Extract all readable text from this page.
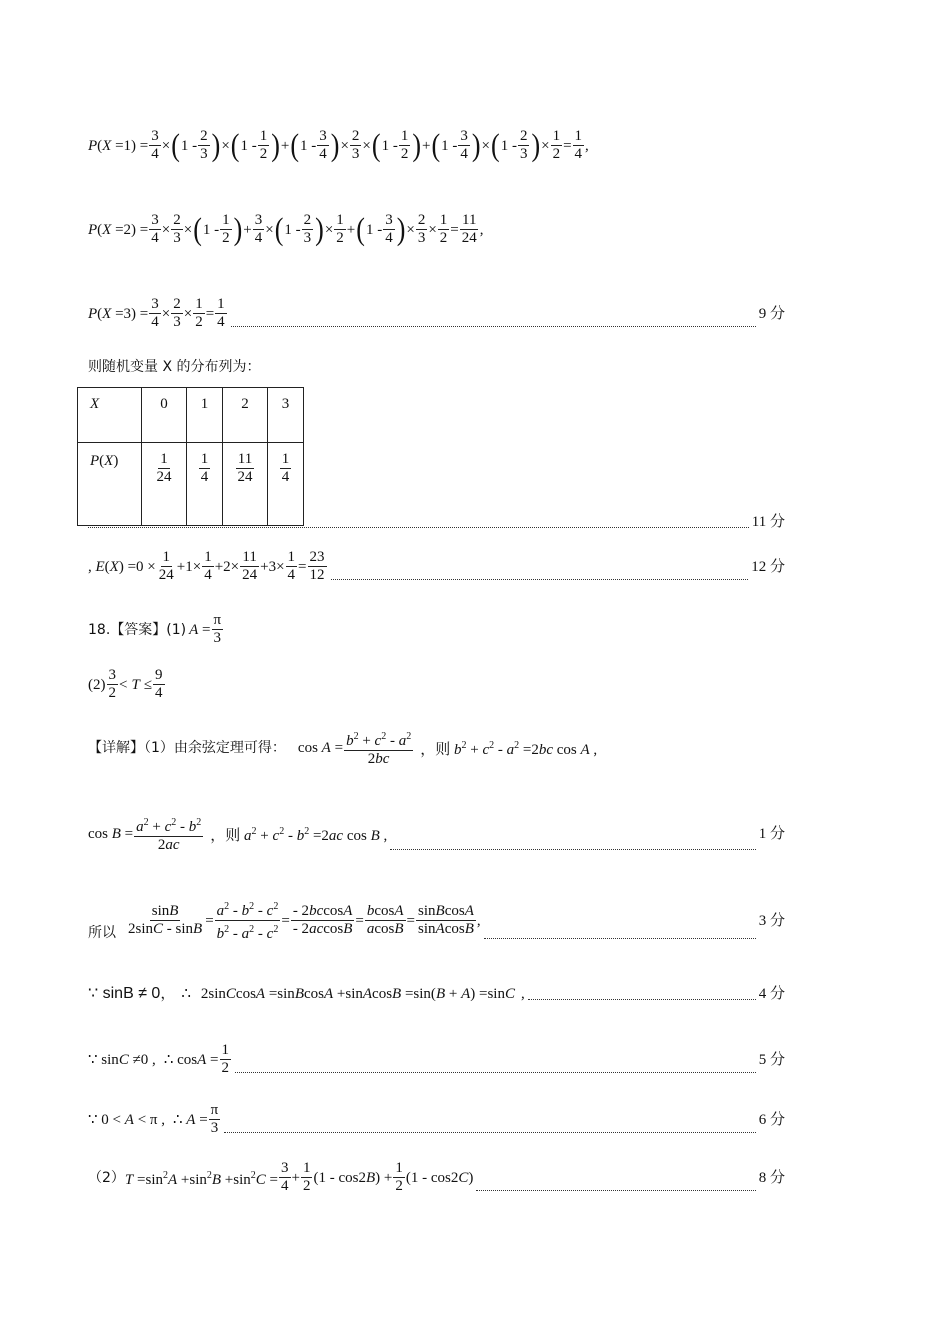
$P(X =1) = \frac{3}{4}$ × ( $1 - \frac{2}{3}$ ) × ( $1 - \frac{1}{2}$ ) + ( $1 - \frac{3}{4}$ ) × $\frac{2}{3}$ × ( $1 - \frac{1}{2}$ ) + ( $1 - \frac{3}{4}$ ) × ( $1 - \frac{2}{3}$ ) × $\frac{1}{2} = \frac{1}{4}$ ,
$P(X =2) = \frac{3}{4} \times \frac{2}{3}$ × ( $1 - \frac{1}{2}$ ) + $\frac{3}{4}$ × ( $1 - \frac{2}{3}$ ) × $\frac{1}{2}$ + ( $1 - \frac{3}{4}$ ) × $\frac{2}{3} \times \frac{1}{2} = \frac{11}{24}$ ,
$P(X =3) = \frac{3}{4} \times \frac{2}{3} \times \frac{1}{2} = \frac{1}{4}$	9 分
则随机变量 X 的分布列为：
X	0	1	2	3
P(X)	$\frac{1}{24}$	$\frac{1}{4}$	$\frac{11}{24}$	$\frac{1}{4}$
11 分
, $E(X) =0 \times \frac{1}{24} +1\times \frac{1}{4} +2\times \frac{11}{24} +3\times \frac{1}{4} = \frac{23}{12}$	12 分
18.【答案】(1) $A = \frac{\pi}{3}$
$(2) \frac{3}{2} < T \le \frac{9}{4}$
【详解】（1）由余弦定理可得： $\cos A = \frac{b^2 + c^2 - a^2}{2bc}$ ，则 $b^2 + c^2 - a^2 =2bc$ cos A ,
$\cos B = \frac{a^2 + c^2 - b^2}{2ac}$ ，则 $a^2 + c^2 - b^2 =2ac$ cos B ,	1 分
所以 $\frac{\sin B}{2\sin C - \sin B} = \frac{a^2 - b^2 - c^2}{b^2 - a^2 - c^2} = \frac{- 2bccosA}{- 2accosB} = \frac{bcosA}{acosB} = \frac{\text{sinBcosA}}{\text{sinAcosB}}$ ,	3 分
∵ sinB ≠ 0 ， ∴ 2sinCcosA =sinBcosA +sinAcosB =sin(B + A) =sinC ,	4 分
∵ sinC ≠0 , ∴ $\cos A = \frac{1}{2}$	5 分
∵ 0 < A < π , ∴ $A = \frac{\pi}{3}$	6 分
（2） $T =\sin^2A +\sin^2B +\sin^2C = \frac{3}{4} + \frac{1}{2} (1 - \cos 2$ B ) + $\frac{1}{2} (1 - \cos 2$ C )	8 分
